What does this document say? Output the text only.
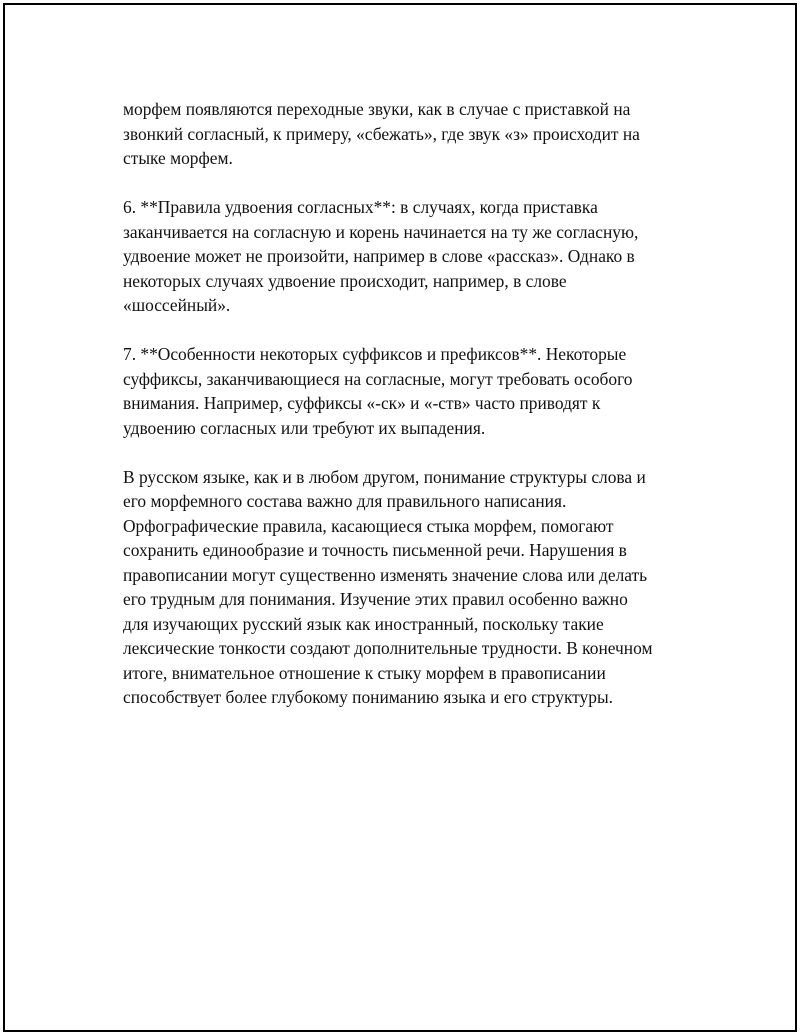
морфем появляются переходные звуки, как в случае с приставкой на
звонкий согласный, к примеру, «сбежать», где звук «з» происходит на
стыке морфем.

6. **Правила удвоения согласных**: в случаях, когда приставка
заканчивается на согласную и корень начинается на ту же согласную,
удвоение может не произойти, например в слове «рассказ». Однако в
некоторых случаях удвоение происходит, например, в слове
«шоссейный».

7. **Особенности некоторых суффиксов и префиксов**. Некоторые
суффиксы, заканчивающиеся на согласные, могут требовать особого
внимания. Например, суффиксы «-ск» и «-ств» часто приводят к
удвоению согласных или требуют их выпадения.

В русском языке, как и в любом другом, понимание структуры слова и
его морфемного состава важно для правильного написания.
Орфографические правила, касающиеся стыка морфем, помогают
сохранить единообразие и точность письменной речи. Нарушения в
правописании могут существенно изменять значение слова или делать
его трудным для понимания. Изучение этих правил особенно важно
для изучающих русский язык как иностранный, поскольку такие
лексические тонкости создают дополнительные трудности. В конечном
итоге, внимательное отношение к стыку морфем в правописании
способствует более глубокому пониманию языка и его структуры.
